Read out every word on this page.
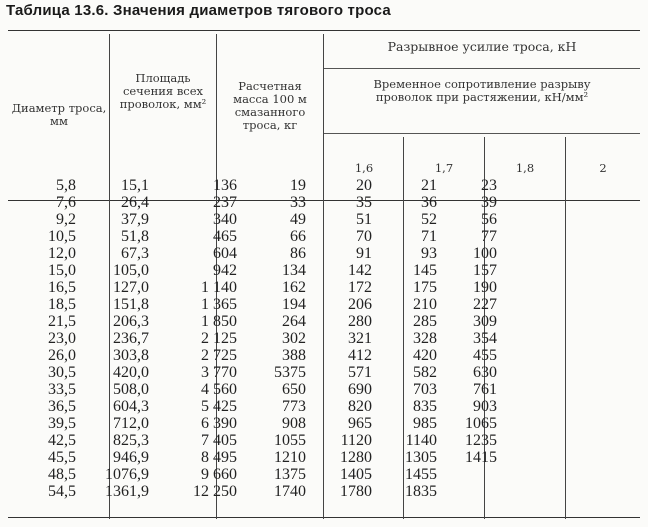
Таблица 13.6. Значения диаметров тягового троса
Диаметр троса, мм
Площадь сечения всех проволок, мм²
Расчетная масса 100 м смазанного троса, кг
Разрывное усилие троса, кН
Временное сопротивление разрыву проволок при растяжении, кН/мм²
1,6	1,7	1,8	2
5,8	15,1	136	19	20	21	23
7,6	26,4	237	33	35	36	39
9,2	37,9	340	49	51	52	56
10,5	51,8	465	66	70	71	77
12,0	67,3	604	86	91	93	100
15,0	105,0	942	134	142	145	157
16,5	127,0	1 140	162	172	175	190
18,5	151,8	1 365	194	206	210	227
21,5	206,3	1 850	264	280	285	309
23,0	236,7	2 125	302	321	328	354
26,0	303,8	2 725	388	412	420	455
30,5	420,0	3 770	5375	571	582	630
33,5	508,0	4 560	650	690	703	761
36,5	604,3	5 425	773	820	835	903
39,5	712,0	6 390	908	965	985	1065
42,5	825,3	7 405	1055	1120	1140	1235
45,5	946,9	8 495	1210	1280	1305	1415
48,5	1076,9	9 660	1375	1405	1455
54,5	1361,9	12 250	1740	1780	1835
